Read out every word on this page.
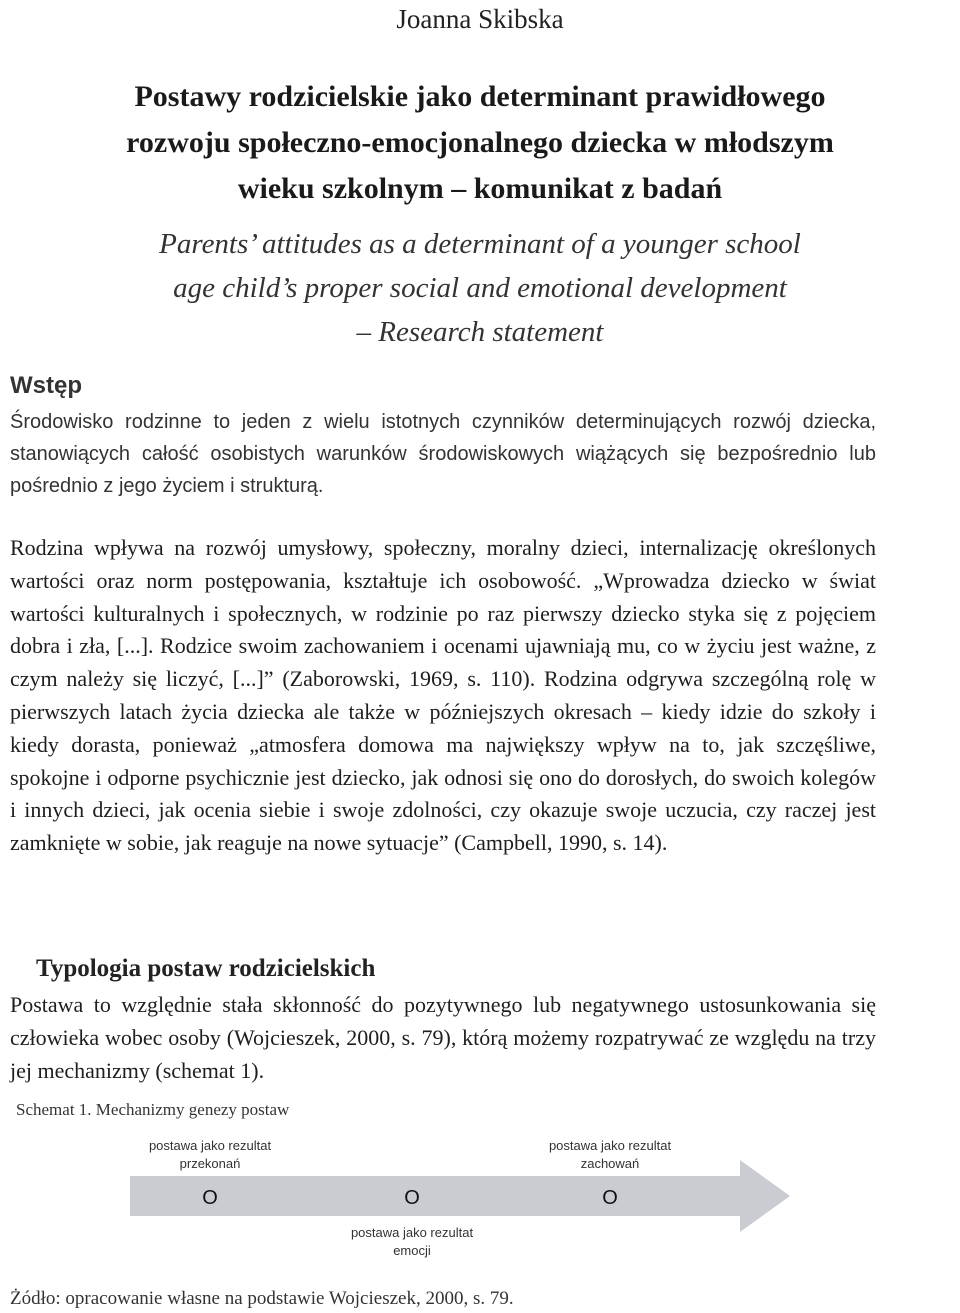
Joanna Skibska
Postawy rodzicielskie jako determinant prawidłowego
rozwoju społeczno-emocjonalnego dziecka w młodszym
wieku szkolnym – komunikat z badań
Parents’ attitudes as a determinant of a younger school
age child’s proper social and emotional development
– Research statement
Wstęp
Środowisko rodzinne to jeden z wielu istotnych czynników determinujących rozwój dziecka, stanowiących całość osobistych warunków środowiskowych wiążących się bezpośrednio lub pośrednio z jego życiem i strukturą.
Rodzina wpływa na rozwój umysłowy, społeczny, moralny dzieci, internalizację określonych wartości oraz norm postępowania, kształtuje ich osobowość. „Wprowadza dziecko w świat wartości kulturalnych i społecznych, w rodzinie po raz pierwszy dziecko styka się z pojęciem dobra i zła, [...]. Rodzice swoim zachowaniem i ocenami ujawniają mu, co w życiu jest ważne, z czym należy się liczyć, [...]” (Zaborowski, 1969, s. 110). Rodzina odgrywa szczególną rolę w pierwszych latach życia dziecka ale także w późniejszych okresach – kiedy idzie do szkoły i kiedy dorasta, ponieważ „atmosfera domowa ma największy wpływ na to, jak szczęśliwe, spokojne i odporne psychicznie jest dziecko, jak odnosi się ono do dorosłych, do swoich kolegów i innych dzieci, jak ocenia siebie i swoje zdolności, czy okazuje swoje uczucia, czy raczej jest zamknięte w sobie, jak reaguje na nowe sytuacje” (Campbell, 1990, s. 14).
Typologia postaw rodzicielskich
Postawa to względnie stała skłonność do pozytywnego lub negatywnego ustosunkowania się człowieka wobec osoby (Wojcieszek, 2000, s. 79), którą możemy rozpatrywać ze względu na trzy jej mechanizmy (schemat 1).
Schemat 1. Mechanizmy genezy postaw
postawa jako rezultat
przekonań
postawa jako rezultat
zachowań
O	O	O
postawa jako rezultat
emocji
Żódło: opracowanie własne na podstawie Wojcieszek, 2000, s. 79.
